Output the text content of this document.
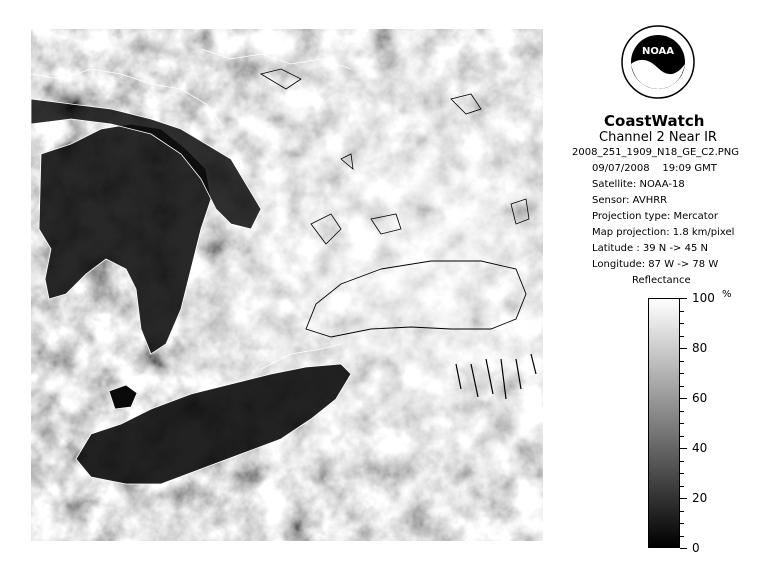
NOAA
CoastWatch
Channel 2 Near IR
2008_251_1909_N18_GE_C2.PNG
09/07/2008 19:09 GMT
Satellite: NOAA-18
Sensor: AVHRR
Projection type: Mercator
Map projection: 1.8 km/pixel
Latitude : 39 N -> 45 N
Longitude: 87 W -> 78 W
Reflectance
100
80
60
40
20
0
%
